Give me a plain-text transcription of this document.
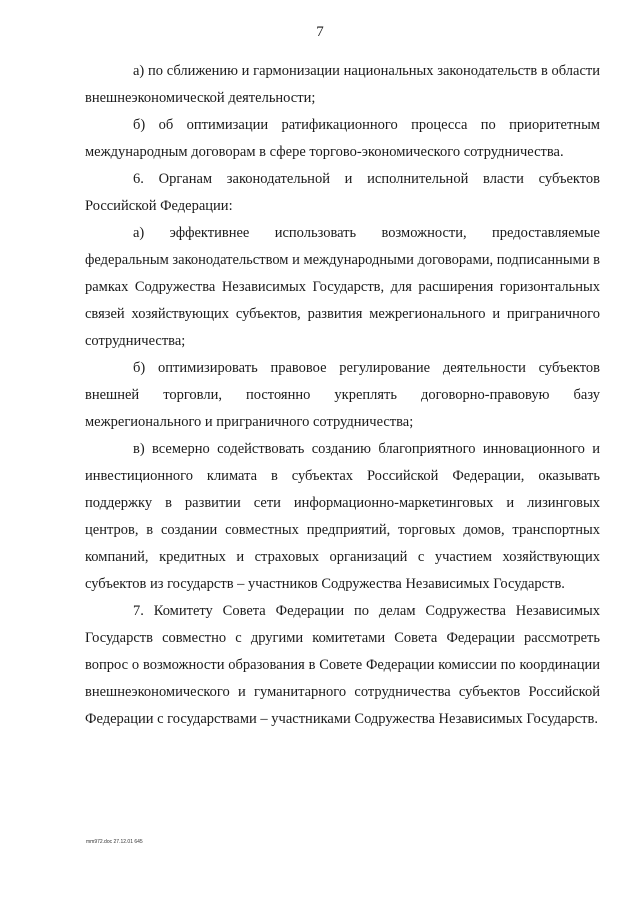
7

а) по сближению и гармонизации национальных законодательств в области внешнеэкономической деятельности;

б) об оптимизации ратификационного процесса по приоритетным международным договорам в сфере торгово-экономического сотрудничества.

6. Органам законодательной и исполнительной власти субъектов Российской Федерации:

а) эффективнее использовать возможности, предоставляемые федеральным законодательством и международными договорами, подписанными в рамках Содружества Независимых Государств, для расширения горизонтальных связей хозяйствующих субъектов, развития межрегионального и приграничного сотрудничества;

б) оптимизировать правовое регулирование деятельности субъектов внешней торговли, постоянно укреплять договорно-правовую базу межрегионального и приграничного сотрудничества;

в) всемерно содействовать созданию благоприятного инновационного и инвестиционного климата в субъектах Российской Федерации, оказывать поддержку в развитии сети информационно-маркетинговых и лизинговых центров, в создании совместных предприятий, торговых домов, транспортных компаний, кредитных и страховых организаций с участием хозяйствующих субъектов из государств – участников Содружества Независимых Государств.

7. Комитету Совета Федерации по делам Содружества Независимых Государств совместно с другими комитетами Совета Федерации рассмотреть вопрос о возможности образования в Совете Федерации комиссии по координации внешнеэкономического и гуманитарного сотрудничества субъектов Российской Федерации с государствами – участниками Содружества Независимых Государств.

mm972.doc 27.12.01 645
